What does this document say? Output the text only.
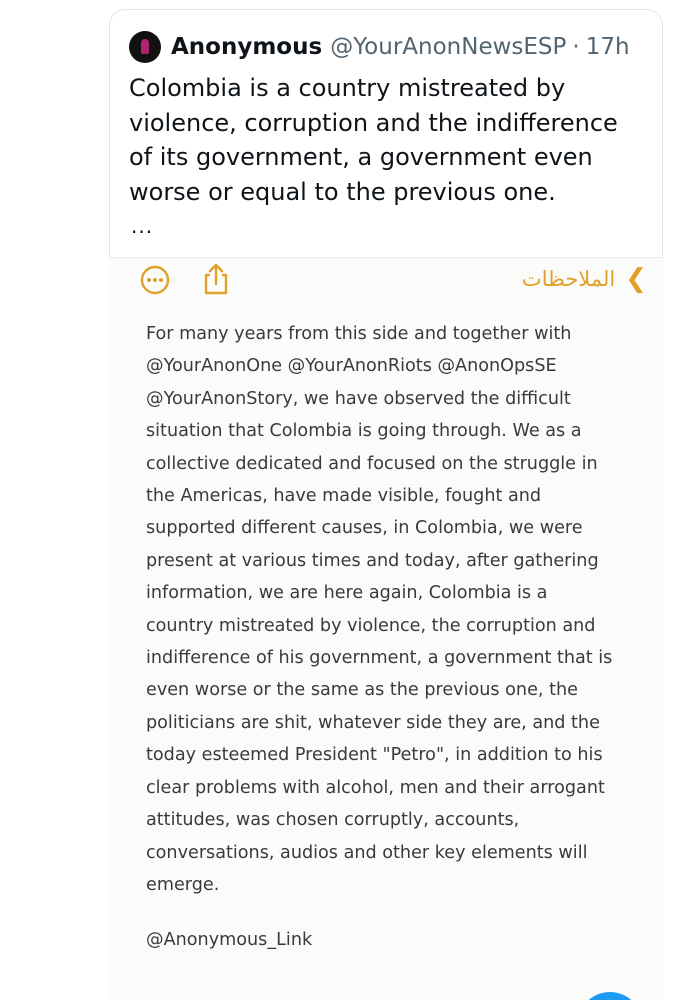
Anonymous @YourAnonNewsESP · 17h

Colombia is a country mistreated by
violence, corruption and the indifference
of its government, a government even
worse or equal to the previous one.

...
❮
الملاحظات

For many years from this side and together with
@YourAnonOne @YourAnonRiots @AnonOpsSE
@YourAnonStory, we have observed the difficult
situation that Colombia is going through. We as a
collective dedicated and focused on the struggle in
the Americas, have made visible, fought and
supported different causes, in Colombia, we were
present at various times and today, after gathering
information, we are here again, Colombia is a
country mistreated by violence, the corruption and
indifference of his government, a government that is
even worse or the same as the previous one, the
politicians are shit, whatever side they are, and the
today esteemed President "Petro", in addition to his
clear problems with alcohol, men and their arrogant
attitudes, was chosen corruptly, accounts,
conversations, audios and other key elements will
emerge.

@Anonymous_Link
